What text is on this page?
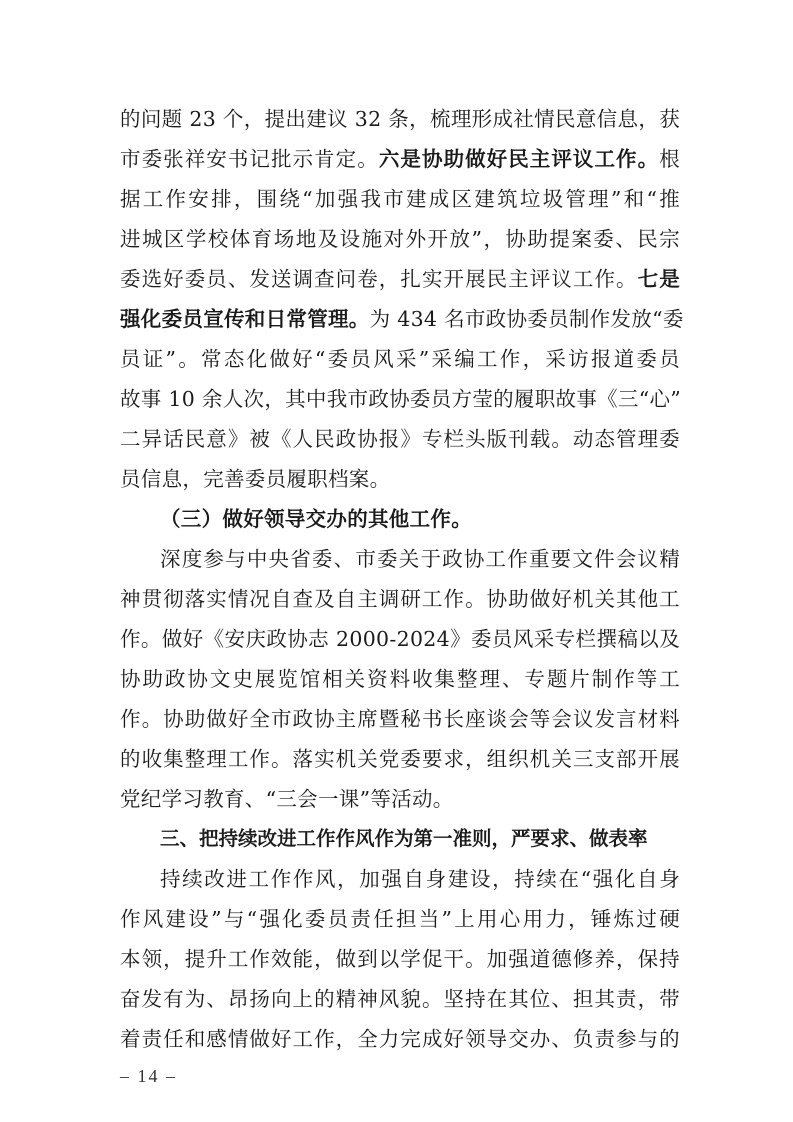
的问题 23 个，提出建议 32 条，梳理形成社情民意信息，获
市委张祥安书记批示肯定。六是协助做好民主评议工作。根
据工作安排，围绕“加强我市建成区建筑垃圾管理”和“推
进城区学校体育场地及设施对外开放”，协助提案委、民宗
委选好委员、发送调查问卷，扎实开展民主评议工作。七是
强化委员宣传和日常管理。为 434 名市政协委员制作发放“委
员证”。常态化做好“委员风采”采编工作，采访报道委员
故事 10 余人次，其中我市政协委员方莹的履职故事《三“心”
二异话民意》被《人民政协报》专栏头版刊载。动态管理委
员信息，完善委员履职档案。
（三）做好领导交办的其他工作。
深度参与中央省委、市委关于政协工作重要文件会议精
神贯彻落实情况自查及自主调研工作。协助做好机关其他工
作。做好《安庆政协志 2000-2024》委员风采专栏撰稿以及
协助政协文史展览馆相关资料收集整理、专题片制作等工
作。协助做好全市政协主席暨秘书长座谈会等会议发言材料
的收集整理工作。落实机关党委要求，组织机关三支部开展
党纪学习教育、“三会一课”等活动。
三、把持续改进工作作风作为第一准则，严要求、做表率
持续改进工作作风，加强自身建设，持续在“强化自身
作风建设”与“强化委员责任担当”上用心用力，锤炼过硬
本领，提升工作效能，做到以学促干。加强道德修养，保持
奋发有为、昂扬向上的精神风貌。坚持在其位、担其责，带
着责任和感情做好工作，全力完成好领导交办、负责参与的
– 14 –
